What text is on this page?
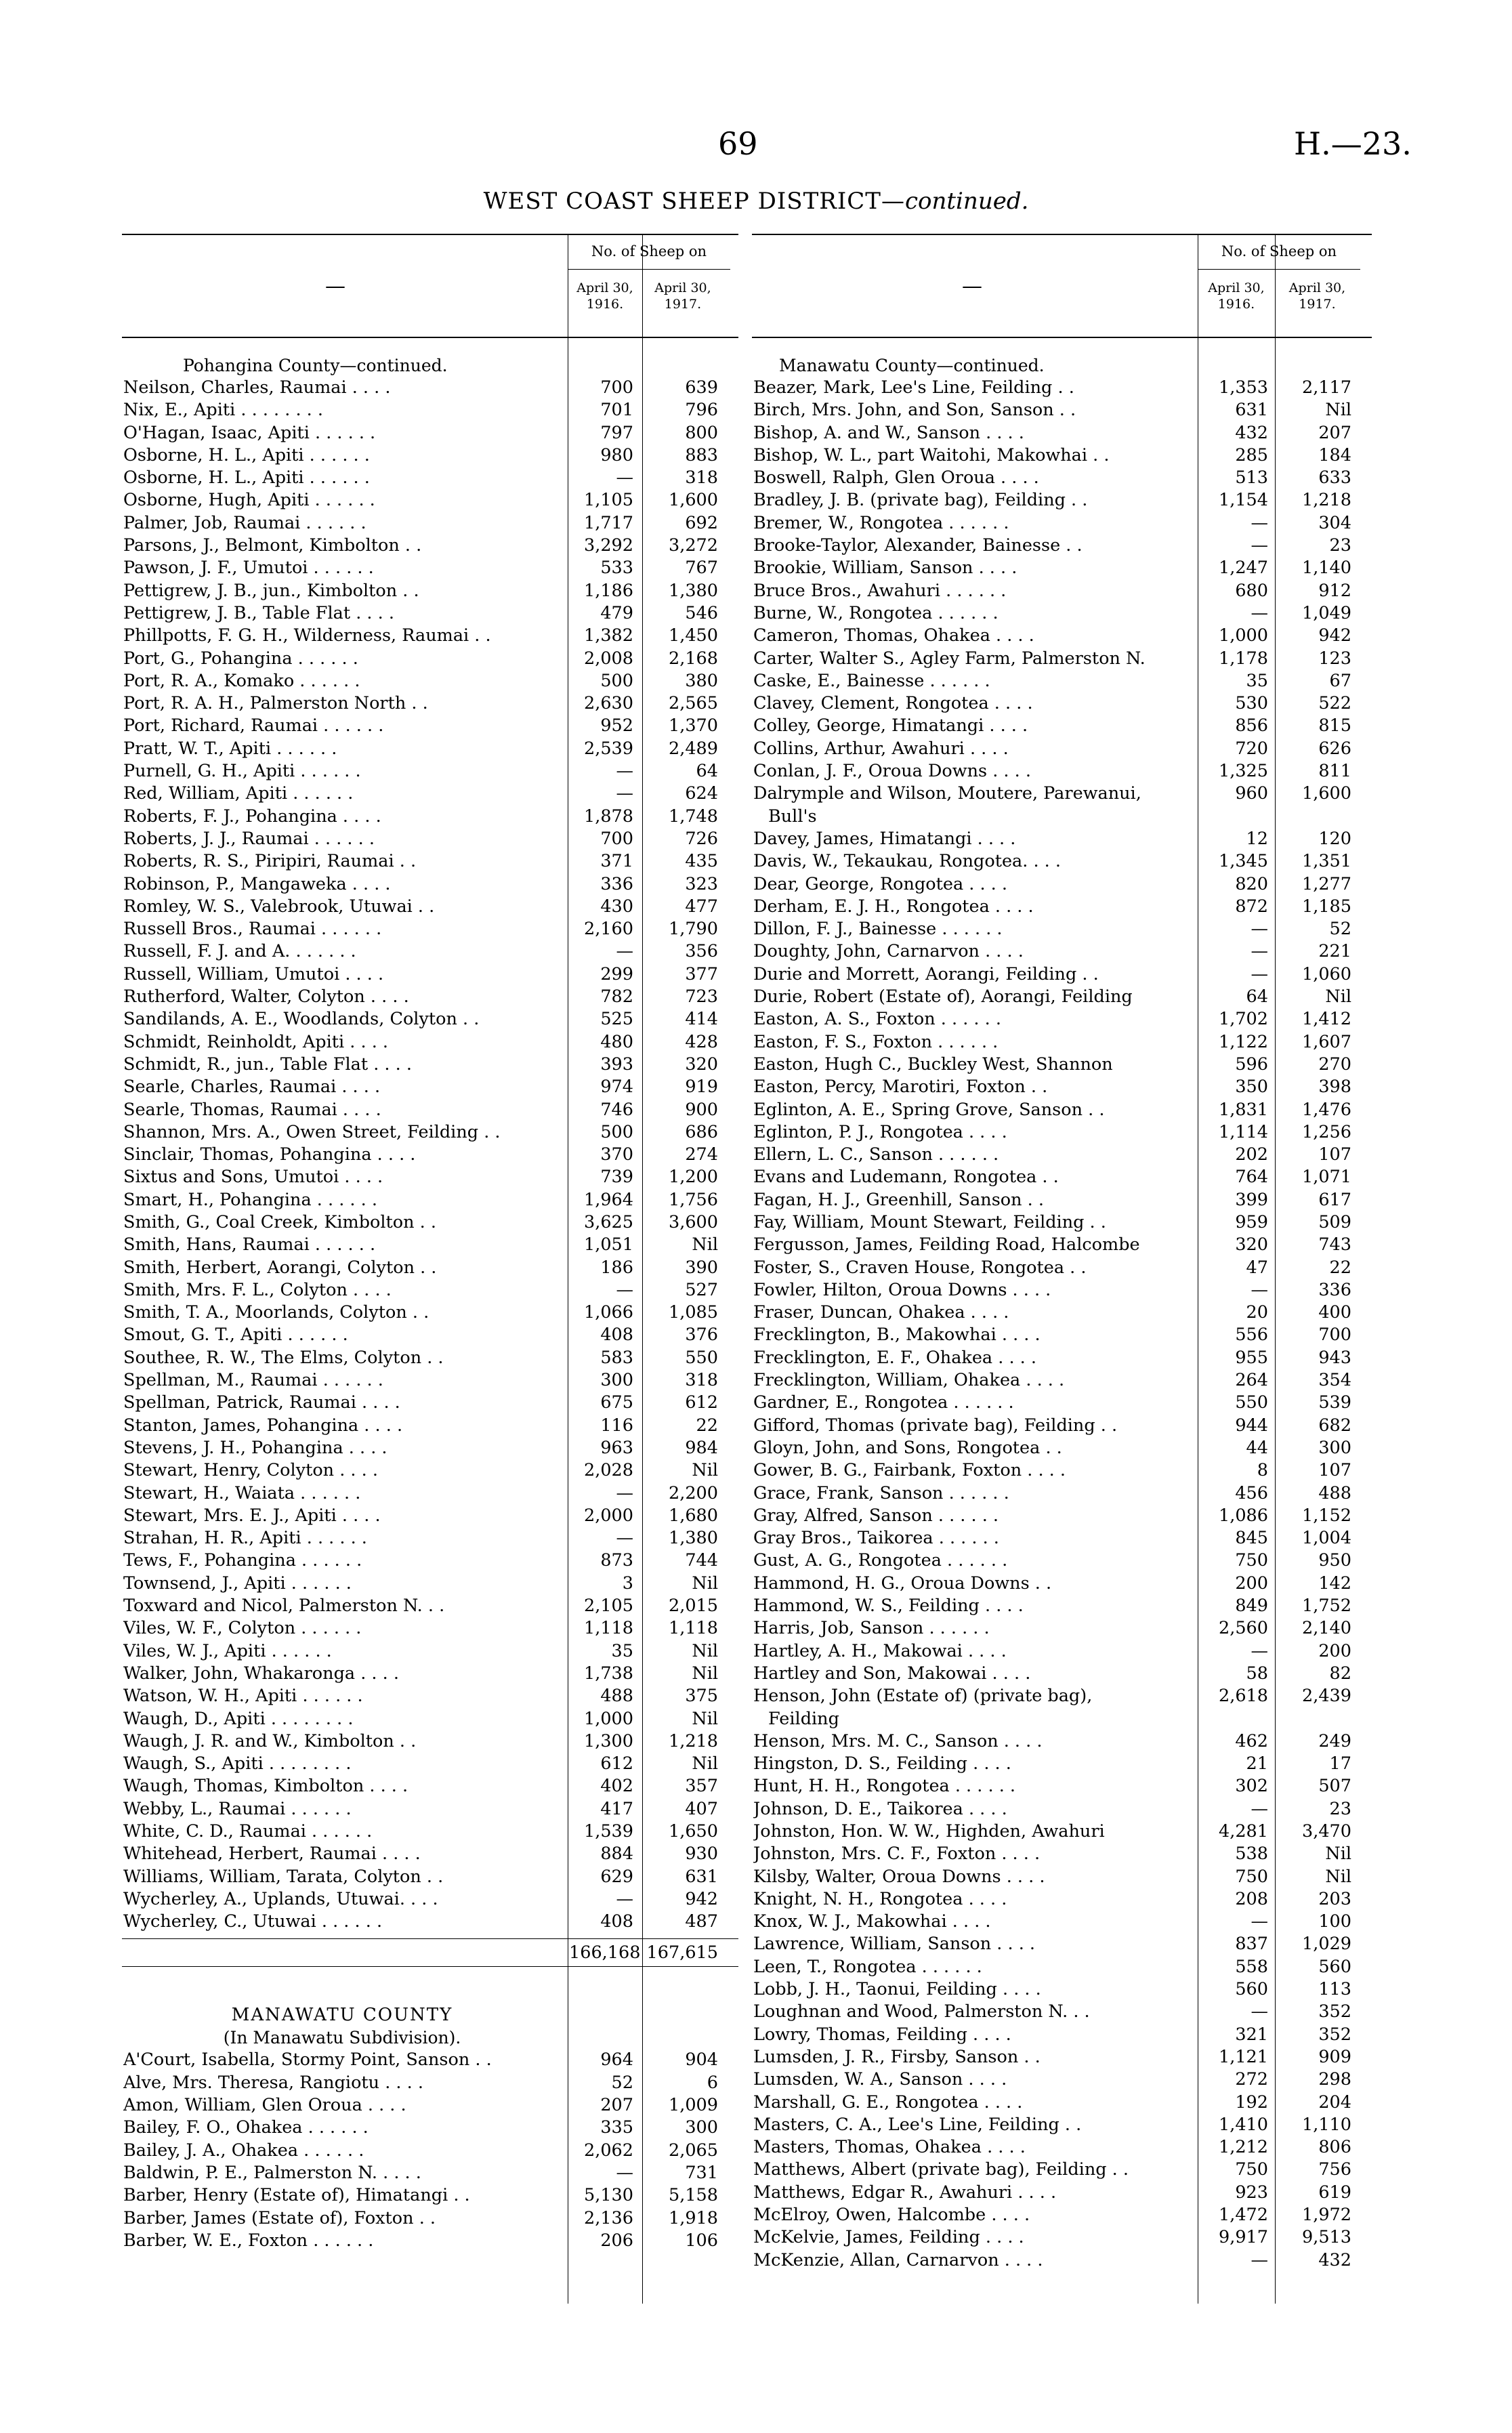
69	H.—23.
WEST COAST SHEEP DISTRICT—continued.
—
No. of Sheep on
April 30,
1916.
April 30,
1917.
Pohangina County—continued.
Neilson, Charles, Raumai . . . .	700	639
Nix, E., Apiti . . . . . . . .	701	796
O'Hagan, Isaac, Apiti . . . . . .	797	800
Osborne, H. L., Apiti . . . . . .	980	883
Osborne, H. L., Apiti . . . . . .	—	318
Osborne, Hugh, Apiti . . . . . .	1,105	1,600
Palmer, Job, Raumai . . . . . .	1,717	692
Parsons, J., Belmont, Kimbolton . .	3,292	3,272
Pawson, J. F., Umutoi . . . . . .	533	767
Pettigrew, J. B., jun., Kimbolton . .	1,186	1,380
Pettigrew, J. B., Table Flat . . . .	479	546
Phillpotts, F. G. H., Wilderness, Raumai . .	1,382	1,450
Port, G., Pohangina . . . . . .	2,008	2,168
Port, R. A., Komako . . . . . .	500	380
Port, R. A. H., Palmerston North . .	2,630	2,565
Port, Richard, Raumai . . . . . .	952	1,370
Pratt, W. T., Apiti . . . . . .	2,539	2,489
Purnell, G. H., Apiti . . . . . .	—	64
Red, William, Apiti . . . . . .	—	624
Roberts, F. J., Pohangina . . . .	1,878	1,748
Roberts, J. J., Raumai . . . . . .	700	726
Roberts, R. S., Piripiri, Raumai . .	371	435
Robinson, P., Mangaweka . . . .	336	323
Romley, W. S., Valebrook, Utuwai . .	430	477
Russell Bros., Raumai . . . . . .	2,160	1,790
Russell, F. J. and A. . . . . . .	—	356
Russell, William, Umutoi . . . .	299	377
Rutherford, Walter, Colyton . . . .	782	723
Sandilands, A. E., Woodlands, Colyton . .	525	414
Schmidt, Reinholdt, Apiti . . . .	480	428
Schmidt, R., jun., Table Flat . . . .	393	320
Searle, Charles, Raumai . . . .	974	919
Searle, Thomas, Raumai . . . .	746	900
Shannon, Mrs. A., Owen Street, Feilding . .	500	686
Sinclair, Thomas, Pohangina . . . .	370	274
Sixtus and Sons, Umutoi . . . .	739	1,200
Smart, H., Pohangina . . . . . .	1,964	1,756
Smith, G., Coal Creek, Kimbolton . .	3,625	3,600
Smith, Hans, Raumai . . . . . .	1,051	Nil
Smith, Herbert, Aorangi, Colyton . .	186	390
Smith, Mrs. F. L., Colyton . . . .	—	527
Smith, T. A., Moorlands, Colyton . .	1,066	1,085
Smout, G. T., Apiti . . . . . .	408	376
Southee, R. W., The Elms, Colyton . .	583	550
Spellman, M., Raumai . . . . . .	300	318
Spellman, Patrick, Raumai . . . .	675	612
Stanton, James, Pohangina . . . .	116	22
Stevens, J. H., Pohangina . . . .	963	984
Stewart, Henry, Colyton . . . .	2,028	Nil
Stewart, H., Waiata . . . . . .	—	2,200
Stewart, Mrs. E. J., Apiti . . . .	2,000	1,680
Strahan, H. R., Apiti . . . . . .	—	1,380
Tews, F., Pohangina . . . . . .	873	744
Townsend, J., Apiti . . . . . .	3	Nil
Toxward and Nicol, Palmerston N. . .	2,105	2,015
Viles, W. F., Colyton . . . . . .	1,118	1,118
Viles, W. J., Apiti . . . . . .	35	Nil
Walker, John, Whakaronga . . . .	1,738	Nil
Watson, W. H., Apiti . . . . . .	488	375
Waugh, D., Apiti . . . . . . . .	1,000	Nil
Waugh, J. R. and W., Kimbolton . .	1,300	1,218
Waugh, S., Apiti . . . . . . . .	612	Nil
Waugh, Thomas, Kimbolton . . . .	402	357
Webby, L., Raumai . . . . . .	417	407
White, C. D., Raumai . . . . . .	1,539	1,650
Whitehead, Herbert, Raumai . . . .	884	930
Williams, William, Tarata, Colyton . .	629	631
Wycherley, A., Uplands, Utuwai. . . .	—	942
Wycherley, C., Utuwai . . . . . .	408	487
166,168 167,615
MANAWATU COUNTY
(In Manawatu Subdivision).
A'Court, Isabella, Stormy Point, Sanson . .	964	904
Alve, Mrs. Theresa, Rangiotu . . . .	52	6
Amon, William, Glen Oroua . . . .	207	1,009
Bailey, F. O., Ohakea . . . . . .	335	300
Bailey, J. A., Ohakea . . . . . .	2,062	2,065
Baldwin, P. E., Palmerston N. . . . .	—	731
Barber, Henry (Estate of), Himatangi . .	5,130	5,158
Barber, James (Estate of), Foxton . .	2,136	1,918
Barber, W. E., Foxton . . . . . .	206	106
—
No. of Sheep on
April 30,
1916.
April 30,
1917.
Manawatu County—continued.
Beazer, Mark, Lee's Line, Feilding . .	1,353	2,117
Birch, Mrs. John, and Son, Sanson . .	631	Nil
Bishop, A. and W., Sanson . . . .	432	207
Bishop, W. L., part Waitohi, Makowhai . .	285	184
Boswell, Ralph, Glen Oroua . . . .	513	633
Bradley, J. B. (private bag), Feilding . .	1,154	1,218
Bremer, W., Rongotea . . . . . .	—	304
Brooke-Taylor, Alexander, Bainesse . .	—	23
Brookie, William, Sanson . . . .	1,247	1,140
Bruce Bros., Awahuri . . . . . .	680	912
Burne, W., Rongotea . . . . . .	—	1,049
Cameron, Thomas, Ohakea . . . .	1,000	942
Carter, Walter S., Agley Farm, Palmerston N.	1,178	123
Caske, E., Bainesse . . . . . .	35	67
Clavey, Clement, Rongotea . . . .	530	522
Colley, George, Himatangi . . . .	856	815
Collins, Arthur, Awahuri . . . .	720	626
Conlan, J. F., Oroua Downs . . . .	1,325	811
Dalrymple and Wilson, Moutere, Parewanui,
Bull's
960	1,600
Davey, James, Himatangi . . . .	12	120
Davis, W., Tekaukau, Rongotea. . . .	1,345	1,351
Dear, George, Rongotea . . . .	820	1,277
Derham, E. J. H., Rongotea . . . .	872	1,185
Dillon, F. J., Bainesse . . . . . .	—	52
Doughty, John, Carnarvon . . . .	—	221
Durie and Morrett, Aorangi, Feilding . .	—	1,060
Durie, Robert (Estate of), Aorangi, Feilding	64	Nil
Easton, A. S., Foxton . . . . . .	1,702	1,412
Easton, F. S., Foxton . . . . . .	1,122	1,607
Easton, Hugh C., Buckley West, Shannon	596	270
Easton, Percy, Marotiri, Foxton . .	350	398
Eglinton, A. E., Spring Grove, Sanson . .	1,831	1,476
Eglinton, P. J., Rongotea . . . .	1,114	1,256
Ellern, L. C., Sanson . . . . . .	202	107
Evans and Ludemann, Rongotea . .	764	1,071
Fagan, H. J., Greenhill, Sanson . .	399	617
Fay, William, Mount Stewart, Feilding . .	959	509
Fergusson, James, Feilding Road, Halcombe	320	743
Foster, S., Craven House, Rongotea . .	47	22
Fowler, Hilton, Oroua Downs . . . .	—	336
Fraser, Duncan, Ohakea . . . .	20	400
Frecklington, B., Makowhai . . . .	556	700
Frecklington, E. F., Ohakea . . . .	955	943
Frecklington, William, Ohakea . . . .	264	354
Gardner, E., Rongotea . . . . . .	550	539
Gifford, Thomas (private bag), Feilding . .	944	682
Gloyn, John, and Sons, Rongotea . .	44	300
Gower, B. G., Fairbank, Foxton . . . .	8	107
Grace, Frank, Sanson . . . . . .	456	488
Gray, Alfred, Sanson . . . . . .	1,086	1,152
Gray Bros., Taikorea . . . . . .	845	1,004
Gust, A. G., Rongotea . . . . . .	750	950
Hammond, H. G., Oroua Downs . .	200	142
Hammond, W. S., Feilding . . . .	849	1,752
Harris, Job, Sanson . . . . . .	2,560	2,140
Hartley, A. H., Makowai . . . .	—	200
Hartley and Son, Makowai . . . .	58	82
Henson, John (Estate of) (private bag),
Feilding
2,618	2,439
Henson, Mrs. M. C., Sanson . . . .	462	249
Hingston, D. S., Feilding . . . .	21	17
Hunt, H. H., Rongotea . . . . . .	302	507
Johnson, D. E., Taikorea . . . .	—	23
Johnston, Hon. W. W., Highden, Awahuri	4,281	3,470
Johnston, Mrs. C. F., Foxton . . . .	538	Nil
Kilsby, Walter, Oroua Downs . . . .	750	Nil
Knight, N. H., Rongotea . . . .	208	203
Knox, W. J., Makowhai . . . .	—	100
Lawrence, William, Sanson . . . .	837	1,029
Leen, T., Rongotea . . . . . .	558	560
Lobb, J. H., Taonui, Feilding . . . .	560	113
Loughnan and Wood, Palmerston N. . .	—	352
Lowry, Thomas, Feilding . . . .	321	352
Lumsden, J. R., Firsby, Sanson . .	1,121	909
Lumsden, W. A., Sanson . . . .	272	298
Marshall, G. E., Rongotea . . . .	192	204
Masters, C. A., Lee's Line, Feilding . .	1,410	1,110
Masters, Thomas, Ohakea . . . .	1,212	806
Matthews, Albert (private bag), Feilding . .	750	756
Matthews, Edgar R., Awahuri . . . .	923	619
McElroy, Owen, Halcombe . . . .	1,472	1,972
McKelvie, James, Feilding . . . .	9,917	9,513
McKenzie, Allan, Carnarvon . . . .	—	432
